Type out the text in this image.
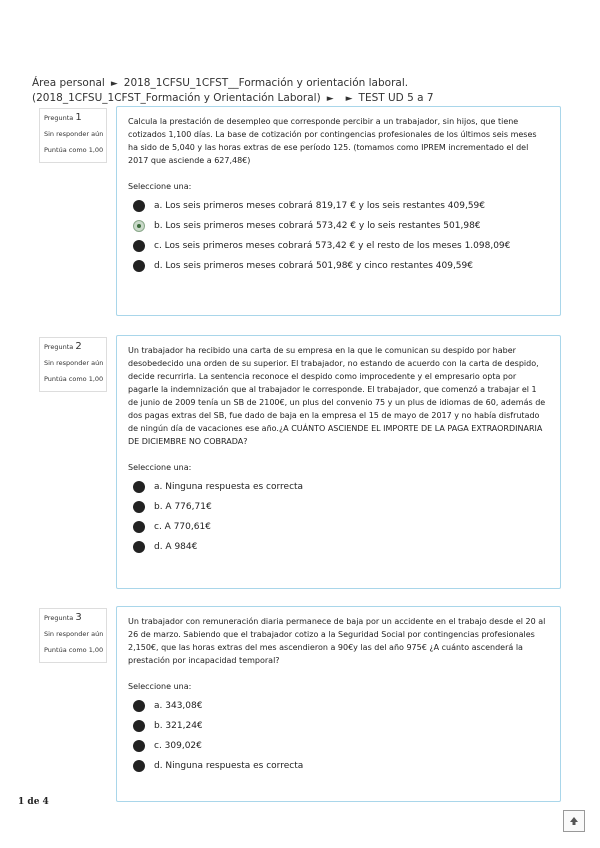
Área personal ► 2018_1CFSU_1CFST__Formación y orientación laboral. (2018_1CFSU_1CFST_Formación y Orientación Laboral) ► ► TEST UD 5 a 7
Pregunta 1
Sin responder aún
Puntúa como 1,00

Calcula la prestación de desempleo que corresponde percibir a un trabajador, sin hijos, que tiene cotizados 1,100 días. La base de cotización por contingencias profesionales de los últimos seis meses ha sido de 5,040 y las horas extras de ese período 125. (tomamos como IPREM incrementado el del 2017 que asciende a 627,48€)

Seleccione una:
a. Los seis primeros meses cobrará 819,17 € y los seis restantes 409,59€
b. Los seis primeros meses cobrará 573,42 € y lo seis restantes 501,98€
c. Los seis primeros meses cobrará 573,42 € y el resto de los meses 1.098,09€
d. Los seis primeros meses cobrará 501,98€ y cinco restantes 409,59€
Pregunta 2
Sin responder aún
Puntúa como 1,00

Un trabajador ha recibido una carta de su empresa en la que le comunican su despido por haber desobedecido una orden de su superior. El trabajador, no estando de acuerdo con la carta de despido, decide recurrirla. La sentencia reconoce el despido como improcedente y el empresario opta por pagarle la indemnización que al trabajador le corresponde. El trabajador, que comenzó a trabajar el 1 de junio de 2009 tenía un SB de 2100€, un plus del convenio 75 y un plus de idiomas de 60, además de dos pagas extras del SB, fue dado de baja en la empresa el 15 de mayo de 2017 y no había disfrutado de ningún día de vacaciones ese año.¿A CUÁNTO ASCIENDE EL IMPORTE DE LA PAGA EXTRAORDINARIA DE DICIEMBRE NO COBRADA?

Seleccione una:
a. Ninguna respuesta es correcta
b. A 776,71€
c. A 770,61€
d. A 984€
Pregunta 3
Sin responder aún
Puntúa como 1,00

Un trabajador con remuneración diaria permanece de baja por un accidente en el trabajo desde el 20 al 26 de marzo. Sabiendo que el trabajador cotizo a la Seguridad Social por contingencias profesionales 2,150€, que las horas extras del mes ascendieron a 90€y las del año 975€ ¿A cuánto ascenderá la prestación por incapacidad temporal?

Seleccione una:
a. 343,08€
b. 321,24€
c. 309,02€
d. Ninguna respuesta es correcta
1 de 4
